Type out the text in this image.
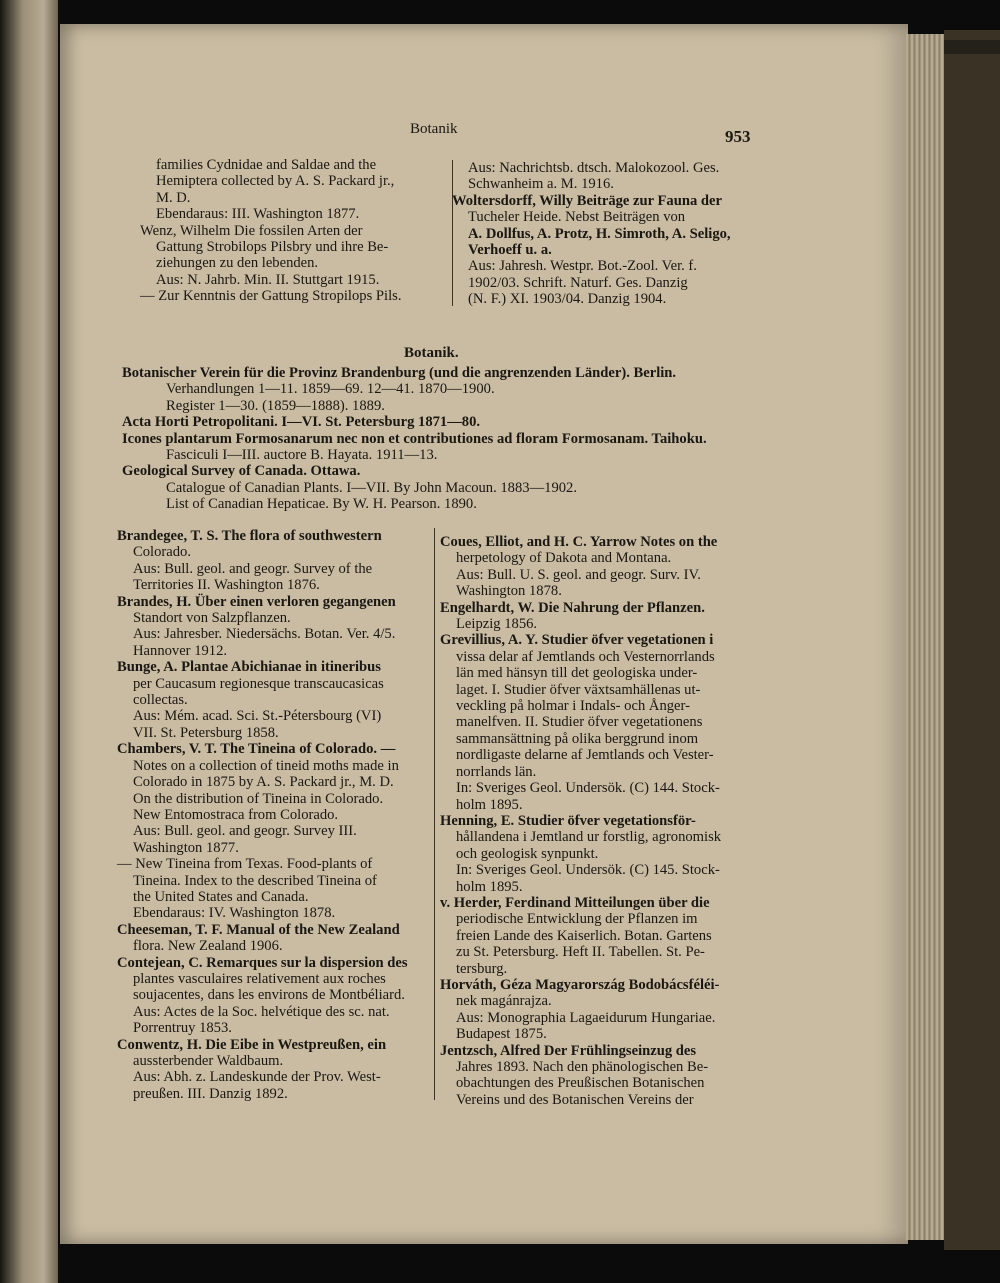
Botanik	953
families Cydnidae and Saldae and the
Hemiptera collected by A. S. Packard jr.,
M. D.
Ebendaraus: III. Washington 1877.
Wenz, Wilhelm Die fossilen Arten der
Gattung Strobilops Pilsbry und ihre Be-
ziehungen zu den lebenden.
Aus: N. Jahrb. Min. II. Stuttgart 1915.
— Zur Kenntnis der Gattung Stropilops Pils.
Aus: Nachrichtsb. dtsch. Malokozool. Ges.
Schwanheim a. M. 1916.
Woltersdorff, Willy Beiträge zur Fauna der
Tucheler Heide. Nebst Beiträgen von
A. Dollfus, A. Protz, H. Simroth, A. Seligo,
Verhoeff u. a.
Aus: Jahresh. Westpr. Bot.-Zool. Ver. f.
1902/03. Schrift. Naturf. Ges. Danzig
(N. F.) XI. 1903/04. Danzig 1904.
Botanik.
Botanischer Verein für die Provinz Brandenburg (und die angrenzenden Länder). Berlin.
Verhandlungen 1—11. 1859—69. 12—41. 1870—1900.
Register 1—30. (1859—1888). 1889.
Acta Horti Petropolitani. I—VI. St. Petersburg 1871—80.
Icones plantarum Formosanarum nec non et contributiones ad floram Formosanam. Taihoku.
Fasciculi I—III. auctore B. Hayata. 1911—13.
Geological Survey of Canada. Ottawa.
Catalogue of Canadian Plants. I—VII. By John Macoun. 1883—1902.
List of Canadian Hepaticae. By W. H. Pearson. 1890.
Brandegee, T. S. The flora of southwestern
Colorado.
Aus: Bull. geol. and geogr. Survey of the
Territories II. Washington 1876.
Brandes, H. Über einen verloren gegangenen
Standort von Salzpflanzen.
Aus: Jahresber. Niedersächs. Botan. Ver. 4/5.
Hannover 1912.
Bunge, A. Plantae Abichianae in itineribus
per Caucasum regionesque transcaucasicas
collectas.
Aus: Mém. acad. Sci. St.-Pétersbourg (VI)
VII. St. Petersburg 1858.
Chambers, V. T. The Tineina of Colorado. —
Notes on a collection of tineid moths made in
Colorado in 1875 by A. S. Packard jr., M. D.
On the distribution of Tineina in Colorado.
New Entomostraca from Colorado.
Aus: Bull. geol. and geogr. Survey III.
Washington 1877.
— New Tineina from Texas. Food-plants of
Tineina. Index to the described Tineina of
the United States and Canada.
Ebendaraus: IV. Washington 1878.
Cheeseman, T. F. Manual of the New Zealand
flora. New Zealand 1906.
Contejean, C. Remarques sur la dispersion des
plantes vasculaires relativement aux roches
soujacentes, dans les environs de Montbéliard.
Aus: Actes de la Soc. helvétique des sc. nat.
Porrentruy 1853.
Conwentz, H. Die Eibe in Westpreußen, ein
aussterbender Waldbaum.
Aus: Abh. z. Landeskunde der Prov. West-
preußen. III. Danzig 1892.
Coues, Elliot, and H. C. Yarrow Notes on the
herpetology of Dakota and Montana.
Aus: Bull. U. S. geol. and geogr. Surv. IV.
Washington 1878.
Engelhardt, W. Die Nahrung der Pflanzen.
Leipzig 1856.
Grevillius, A. Y. Studier öfver vegetationen i
vissa delar af Jemtlands och Vesternorrlands
län med hänsyn till det geologiska under-
laget. I. Studier öfver växtsamhällenas ut-
veckling på holmar i Indals- och Ånger-
manelfven. II. Studier öfver vegetationens
sammansättning på olika berggrund inom
nordligaste delarne af Jemtlands och Vester-
norrlands län.
In: Sveriges Geol. Undersök. (C) 144. Stock-
holm 1895.
Henning, E. Studier öfver vegetationsför-
hållandena i Jemtland ur forstlig, agronomisk
och geologisk synpunkt.
In: Sveriges Geol. Undersök. (C) 145. Stock-
holm 1895.
v. Herder, Ferdinand Mitteilungen über die
periodische Entwicklung der Pflanzen im
freien Lande des Kaiserlich. Botan. Gartens
zu St. Petersburg. Heft II. Tabellen. St. Pe-
tersburg.
Horváth, Géza Magyarország Bodobácsféléi-
nek magánrajza.
Aus: Monographia Lagaeidurum Hungariae.
Budapest 1875.
Jentzsch, Alfred Der Frühlingseinzug des
Jahres 1893. Nach den phänologischen Be-
obachtungen des Preußischen Botanischen
Vereins und des Botanischen Vereins der
